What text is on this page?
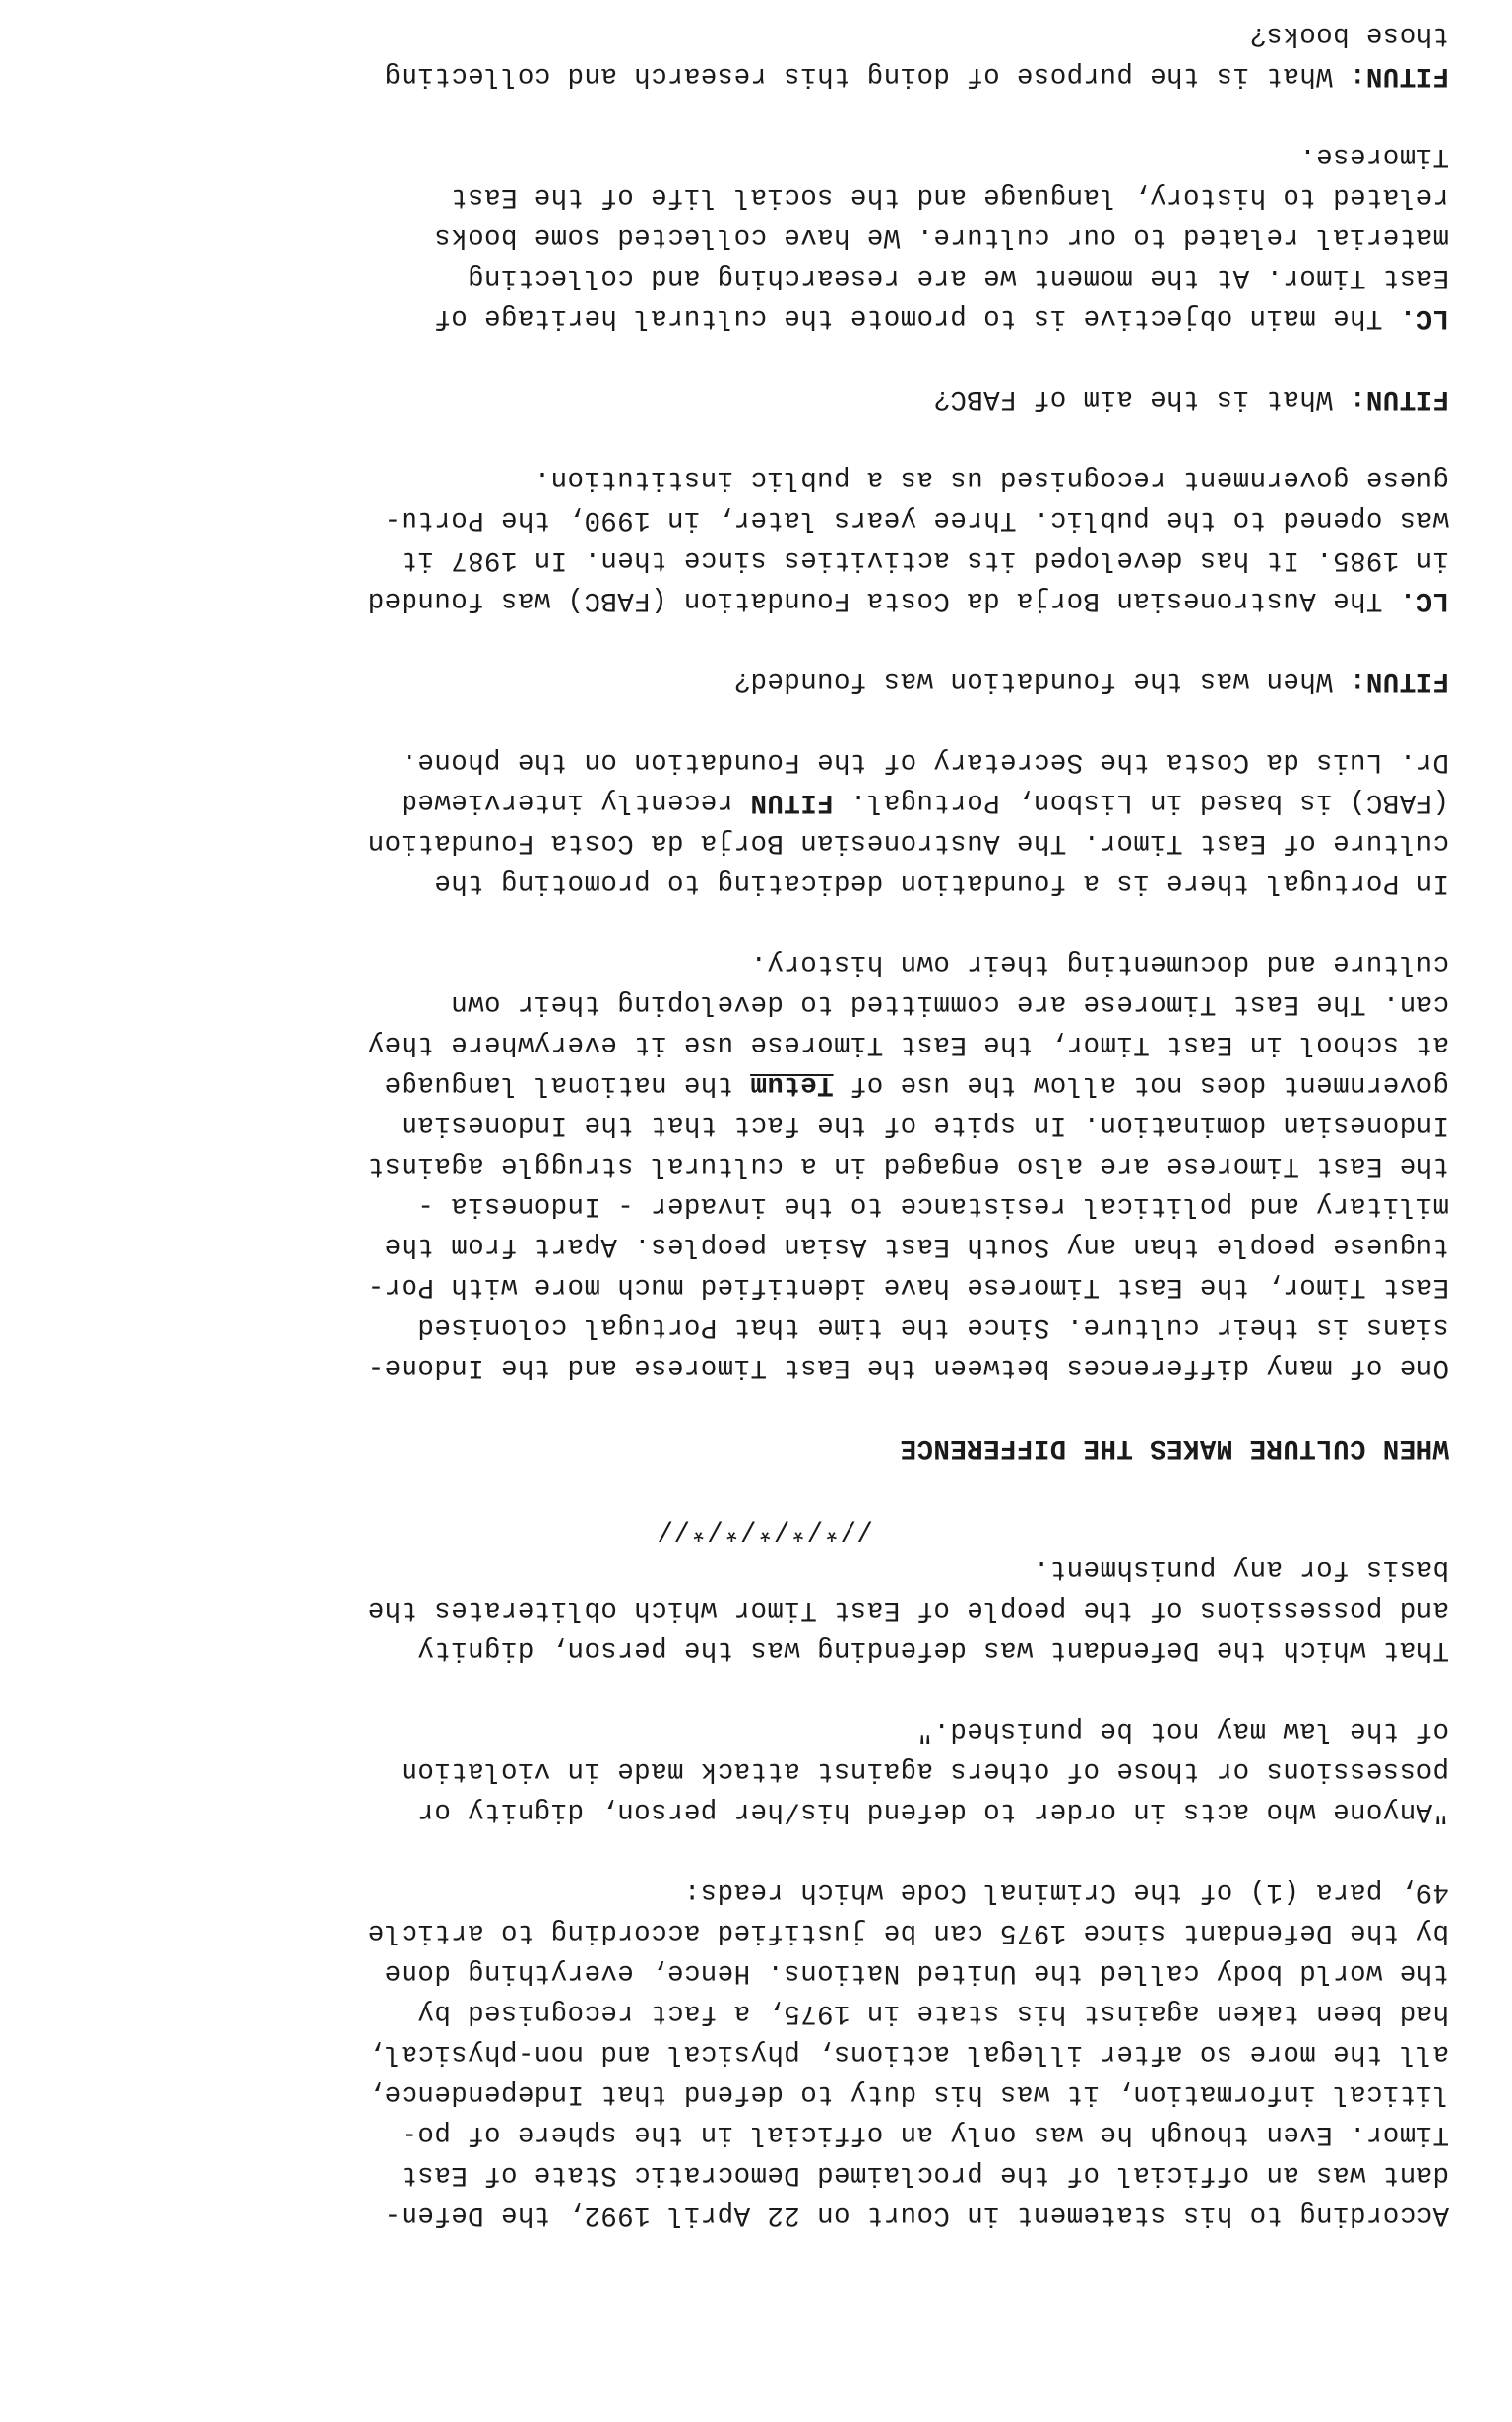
According to his statement in Court on 22 April 1992, the Defen-
dant was an official of the proclaimed Democratic State of East
Timor. Even though he was only an official in the sphere of po-
litical information, it was his duty to defend that Independence,
all the more so after illegal actions, physical and non-physical,
had been taken against his state in 1975, a fact recognised by
the world body called the United Nations. Hence, everything done
by the Defendant since 1975 can be justified according to article
49, para (1) of the Criminal Code which reads:
"Anyone who acts in order to defend his/her person, dignity or
possessions or those of others against attack made in violation
of the law may not be punished."
That which the Defendant was defending was the person, dignity
and possessions of the people of East Timor which obliterates the
basis for any punishment.
//*/*/*/*/*//
WHEN CULTURE MAKES THE DIFFERENCE
One of many differences between the East Timorese and the Indone-
sians is their culture. Since the time that Portugal colonised
East Timor, the East Timorese have identified much more with Por-
tuguese people than any South East Asian peoples. Apart from the
military and political resistance to the invader - Indonesia -
the East Timorese are also engaged in a cultural struggle against
Indonesian domination. In spite of the fact that the Indonesian
government does not allow the use of Tetum the national language
at school in East Timor, the East Timorese use it everywhere they
can. The East Timorese are committed to developing their own
culture and documenting their own history.
In Portugal there is a foundation dedicating to promoting the
culture of East Timor. The Austronesian Borja da Costa Foundation
(FABC) is based in Lisbon, Portugal. FITUN recently interviewed
Dr. Luis da Costa the Secretary of the Foundation on the phone.
FITUN: When was the foundation was founded?
LC. The Austronesian Borja da Costa Foundation (FABC) was founded
in 1985. It has developed its activities since then. In 1987 it
was opened to the public. Three years later, in 1990, the Portu-
guese government recognised us as a public institution.
FITUN: What is the aim of FABC?
LC. The main objective is to promote the cultural heritage of
East Timor. At the moment we are researching and collecting
material related to our culture. We have collected some books
related to history, language and the social life of the East
Timorese.
FITUN: What is the purpose of doing this research and collecting
those books?
